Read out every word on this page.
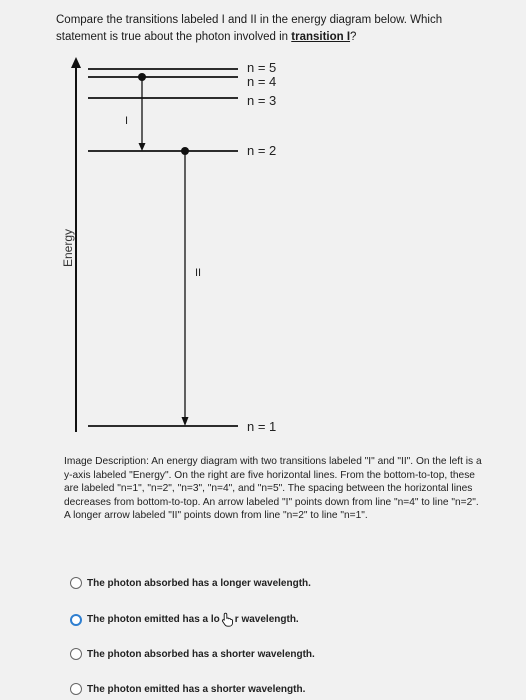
Compare the transitions labeled I and II in the energy diagram below. Which statement is true about the photon involved in transition I?
Energy
n = 5
n = 4
n = 3
n = 2
n = 1
I
II
Image Description: An energy diagram with two transitions labeled "I" and "II". On the left is a y-axis labeled "Energy". On the right are five horizontal lines. From the bottom-to-top, these are labeled "n=1", "n=2", "n=3", "n=4", and "n=5". The spacing between the horizontal lines decreases from bottom-to-top. An arrow labeled "I" points down from line "n=4" to line "n=2". A longer arrow labeled "II" points down from line "n=2" to line "n=1".
The photon absorbed has a longer wavelength.
The photon emitted has a lo r wavelength.
The photon absorbed has a shorter wavelength.
The photon emitted has a shorter wavelength.
